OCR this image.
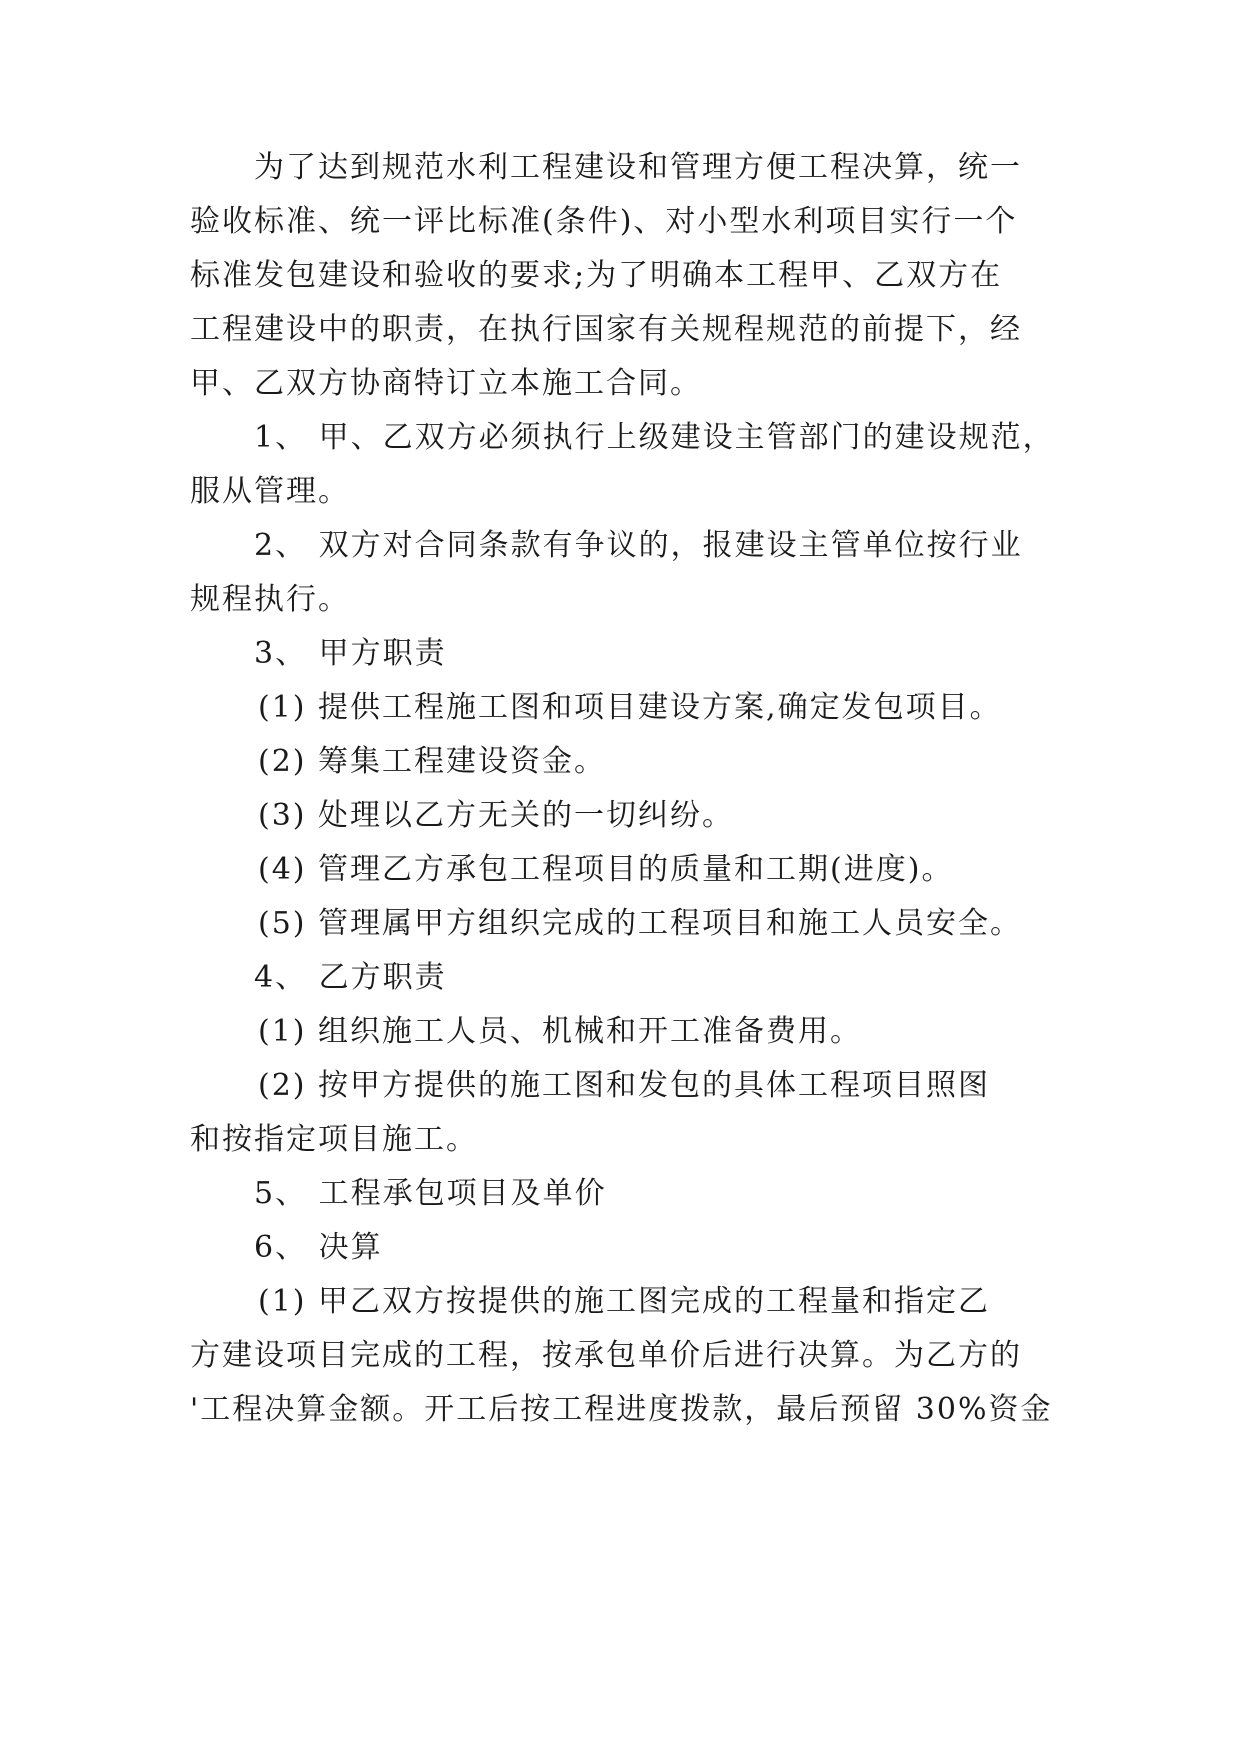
为了达到规范水利工程建设和管理方便工程决算，统一
验收标准、统一评比标准(条件)、对小型水利项目实行一个
标准发包建设和验收的要求;为了明确本工程甲、乙双方在
工程建设中的职责，在执行国家有关规程规范的前提下，经
甲、乙双方协商特订立本施工合同。
1、 甲、乙双方必须执行上级建设主管部门的建设规范，
服从管理。
2、 双方对合同条款有争议的，报建设主管单位按行业
规程执行。
3、 甲方职责
(1) 提供工程施工图和项目建设方案,确定发包项目。
(2) 筹集工程建设资金。
(3) 处理以乙方无关的一切纠纷。
(4) 管理乙方承包工程项目的质量和工期(进度)。
(5) 管理属甲方组织完成的工程项目和施工人员安全。
4、 乙方职责
(1) 组织施工人员、机械和开工准备费用。
(2) 按甲方提供的施工图和发包的具体工程项目照图
和按指定项目施工。
5、 工程承包项目及单价
6、 决算
(1) 甲乙双方按提供的施工图完成的工程量和指定乙
方建设项目完成的工程，按承包单价后进行决算。为乙方的
'工程决算金额。开工后按工程进度拨款，最后预留 30%资金
